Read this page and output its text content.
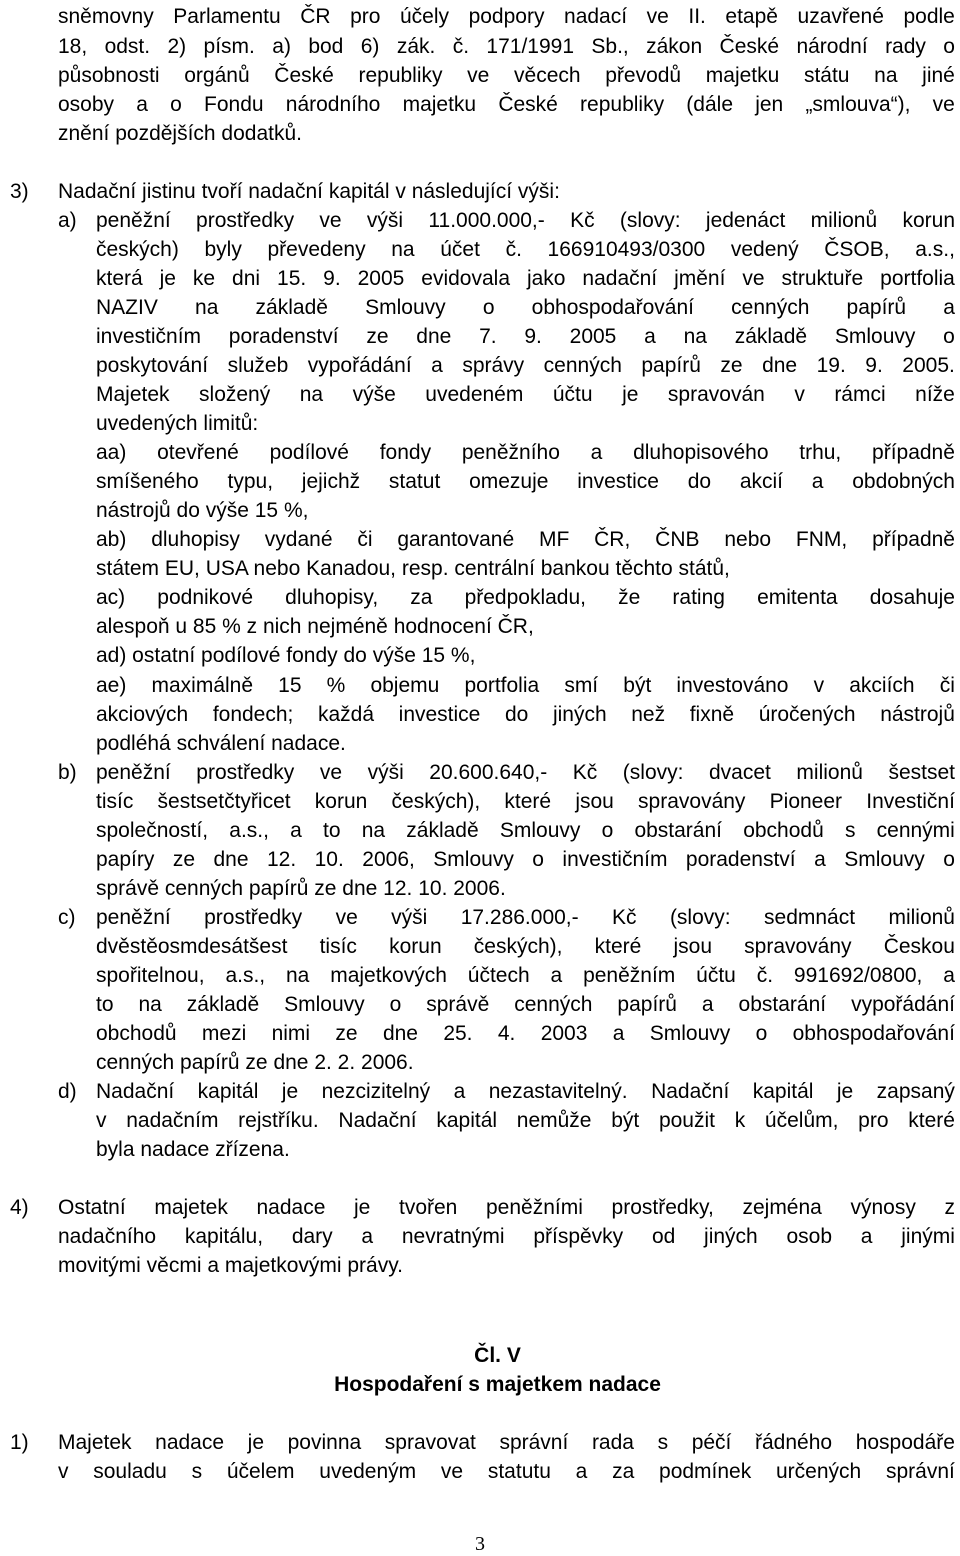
sněmovny Parlamentu ČR pro účely podpory nadací ve II. etapě uzavřené podle
18, odst. 2) písm. a) bod 6) zák. č. 171/1991 Sb., zákon České národní rady o
působnosti orgánů České republiky ve věcech převodů majetku státu na jiné
osoby a o Fondu národního majetku České republiky (dále jen „smlouva“), ve
znění pozdějších dodatků.
3) Nadační jistinu tvoří nadační kapitál v následující výši:
a) peněžní prostředky ve výši 11.000.000,- Kč (slovy: jedenáct milionů korun
českých) byly převedeny na účet č. 166910493/0300 vedený ČSOB, a.s.,
která je ke dni 15. 9. 2005 evidovala jako nadační jmění ve struktuře portfolia
NAZIV na základě Smlouvy o obhospodařování cenných papírů a
investičním poradenství ze dne 7. 9. 2005 a na základě Smlouvy o
poskytování služeb vypořádání a správy cenných papírů ze dne 19. 9. 2005.
Majetek složený na výše uvedeném účtu je spravován v rámci níže
uvedených limitů:
aa) otevřené podílové fondy peněžního a dluhopisového trhu, případně
smíšeného typu, jejichž statut omezuje investice do akcií a obdobných
nástrojů do výše 15 %,
ab) dluhopisy vydané či garantované MF ČR, ČNB nebo FNM, případně
státem EU, USA nebo Kanadou, resp. centrální bankou těchto států,
ac) podnikové dluhopisy, za předpokladu, že rating emitenta dosahuje
alespoň u 85 % z nich nejméně hodnocení ČR,
ad) ostatní podílové fondy do výše 15 %,
ae) maximálně 15 % objemu portfolia smí být investováno v akciích či
akciových fondech; každá investice do jiných než fixně úročených nástrojů
podléhá schválení nadace.
b) peněžní prostředky ve výši 20.600.640,- Kč (slovy: dvacet milionů šestset
tisíc šestsetčtyřicet korun českých), které jsou spravovány Pioneer Investiční
společností, a.s., a to na základě Smlouvy o obstarání obchodů s cennými
papíry ze dne 12. 10. 2006, Smlouvy o investičním poradenství a Smlouvy o
správě cenných papírů ze dne 12. 10. 2006.
c) peněžní prostředky ve výši 17.286.000,- Kč (slovy: sedmnáct milionů
dvěstěosmdesátšest tisíc korun českých), které jsou spravovány Českou
spořitelnou, a.s., na majetkových účtech a peněžním účtu č. 991692/0800, a
to na základě Smlouvy o správě cenných papírů a obstarání vypořádání
obchodů mezi nimi ze dne 25. 4. 2003 a Smlouvy o obhospodařování
cenných papírů ze dne 2. 2. 2006.
d) Nadační kapitál je nezcizitelný a nezastavitelný. Nadační kapitál je zapsaný
v nadačním rejstříku. Nadační kapitál nemůže být použit k účelům, pro které
byla nadace zřízena.
4) Ostatní majetek nadace je tvořen peněžními prostředky, zejména výnosy z
nadačního kapitálu, dary a nevratnými příspěvky od jiných osob a jinými
movitými věcmi a majetkovými právy.
Čl. V
Hospodaření s majetkem nadace
1) Majetek nadace je povinna spravovat správní rada s péčí řádného hospodáře
v souladu s účelem uvedeným ve statutu a za podmínek určených správní
3
